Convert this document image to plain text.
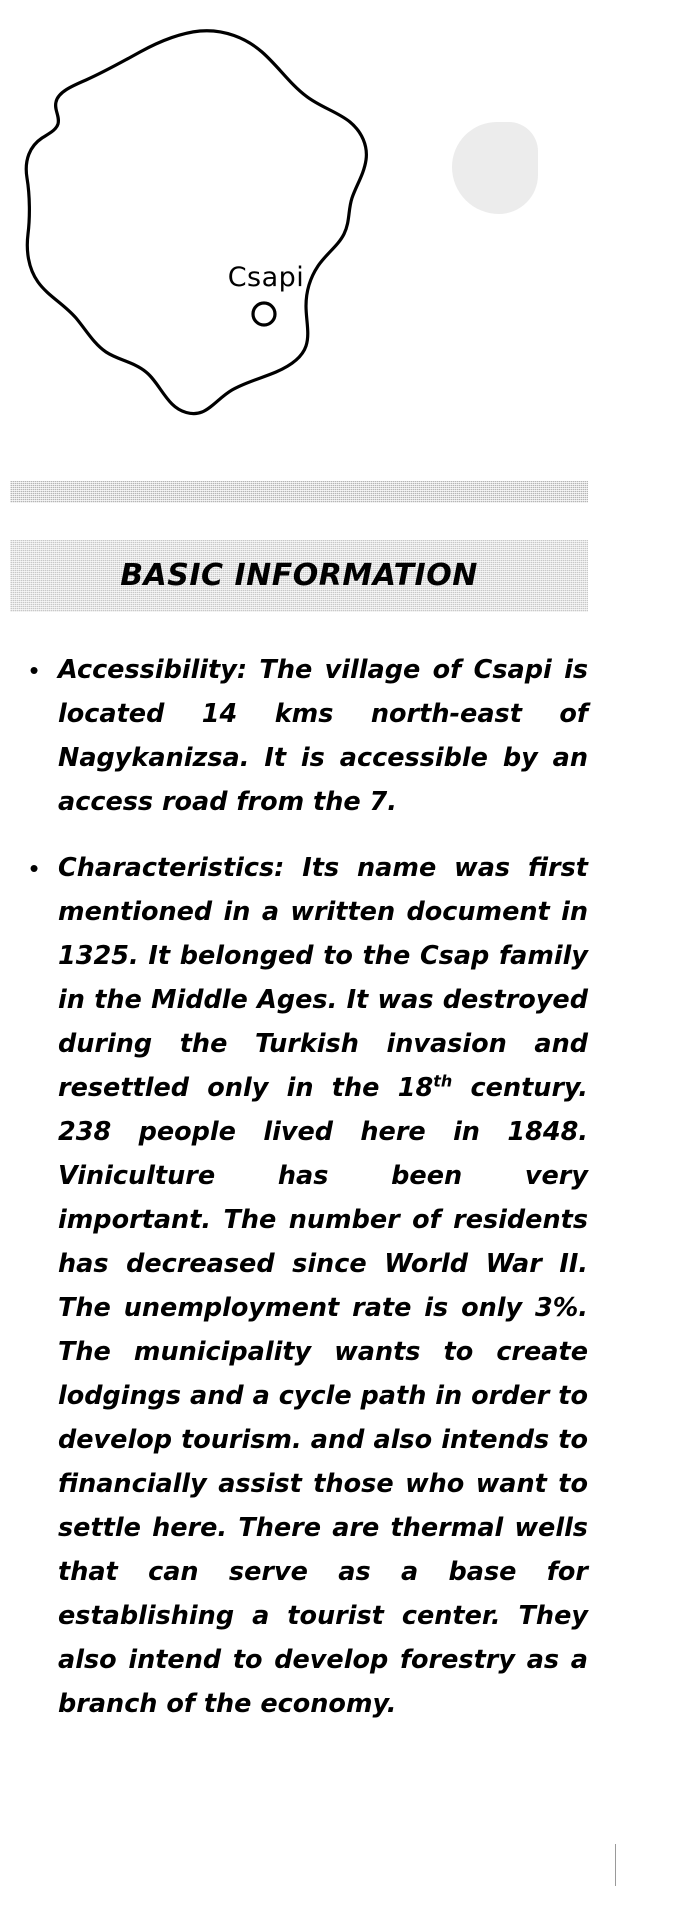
Csapi
BASIC INFORMATION
• Accessibility: The village of Csapi is located 14 kms north-east of Nagykanizsa. It is accessible by an access road from the 7.
• Characteristics: Its name was first mentioned in a written document in 1325. It belonged to the Csap family in the Middle Ages. It was destroyed during the Turkish invasion and resettled only in the 18th century. 238 people lived here in 1848. Viniculture has been very important. The number of residents has decreased since World War II. The unemployment rate is only 3%. The municipality wants to create lodgings and a cycle path in order to develop tourism. and also intends to financially assist those who want to settle here. There are thermal wells that can serve as a base for establishing a tourist center. They also intend to develop forestry as a branch of the economy.
